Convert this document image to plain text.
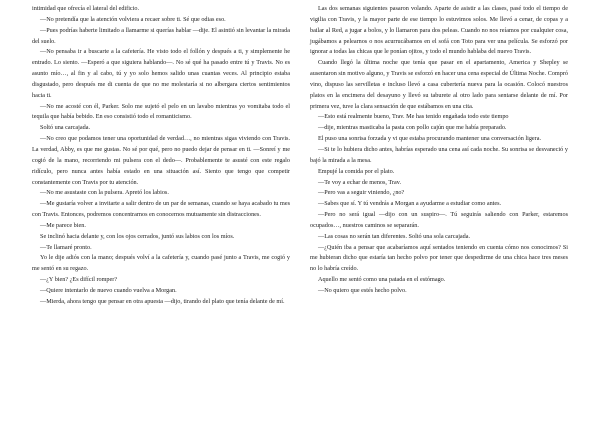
intimidad que ofrecía el lateral del edificio.

—No pretendía que la atención volviera a recaer sobre ti. Sé que odias eso.

—Pues podrías haberte limitado a llamarme si querías hablar —dije. El asintió sin levantar la mirada del suelo.

—No pensaba ir a buscarte a la cafetería. He visto todo el follón y después a ti, y simplemente he entrado. Lo siento. —Esperó a que siguiera hablando—. No sé qué ha pasado entre tú y Travis. No es asunto mío…, al fin y al cabo, tú y yo solo hemos salido unas cuantas veces. Al principio estaba disgustado, pero después me di cuenta de que no me molestaría si no albergara ciertos sentimientos hacia ti.

—No me acosté con él, Parker. Solo me sujetó el pelo en un lavabo mientras yo vomitaba todo el tequila que había bebido. En eso consistió todo el romanticismo.

Soltó una carcajada.

—No creo que podamos tener una oportunidad de verdad…, no mientras sigas viviendo con Travis. La verdad, Abby, es que me gustas. No sé por qué, pero no puedo dejar de pensar en ti. —Sonreí y me cogió de la mano, recorriendo mi pulsera con el dedo—. Probablemente te asusté con este regalo ridículo, pero nunca antes había estado en una situación así. Siento que tengo que competir constantemente con Travis por tu atención.

—No me asustaste con la pulsera. Apretó los labios.

—Me gustaría volver a invitarte a salir dentro de un par de semanas, cuando se haya acabado tu mes con Travis. Entonces, podremos concentrarnos en conocernos mutuamente sin distracciones.

—Me parece bien.

Se inclinó hacia delante y, con los ojos cerrados, juntó sus labios con los míos.

—Te llamaré pronto.

Yo le dije adiós con la mano; después volví a la cafetería y, cuando pasé junto a Travis, me cogió y me sentó en su regazo.

—¿Y bien? ¿Es difícil romper?

—Quiere intentarlo de nuevo cuando vuelva a Morgan.

—Mierda, ahora tengo que pensar en otra apuesta —dijo, tirando del plato que tenía delante de mí.

Las dos semanas siguientes pasaron volando. Aparte de asistir a las clases, pasé todo el tiempo de vigilia con Travis, y la mayor parte de ese tiempo lo estuvimos solos. Me llevó a cenar, de copas y a bailar al Red, a jugar a bolos, y lo llamaron para dos peleas. Cuando no nos reíamos por cualquier cosa, jugábamos a pelearnos o nos acurrucábamos en el sofá con Toto para ver una película. Se esforzó por ignorar a todas las chicas que le ponían ojitos, y todo el mundo hablaba del nuevo Travis.

Cuando llegó la última noche que tenía que pasar en el apartamento, America y Shepley se ausentaron sin motivo alguno, y Travis se esforzó en hacer una cena especial de Última Noche. Compró vino, dispuso las servilletas e incluso llevó a casa cubertería nueva para la ocasión. Colocó nuestros platos en la encimera del desayuno y llevó su taburete al otro lado para sentarse delante de mí. Por primera vez, tuve la clara sensación de que estábamos en una cita.

—Esto está realmente bueno, Trav. Me has tenido engañada todo este tiempo

—dije, mientras masticaba la pasta con pollo cajún que me había preparado.

El puso una sonrisa forzada y vi que estaba procurando mantener una conversación ligera.

—Si te lo hubiera dicho antes, habrías esperado una cena así cada noche. Su sonrisa se desvaneció y bajó la mirada a la mesa.

Empujé la comida por el plato.

—Te voy a echar de menos, Trav.

—Pero vas a seguir viniendo, ¿no?

—Sabes que sí. Y tú vendrás a Morgan a ayudarme a estudiar como antes.

—Pero no será igual —dijo con un suspiro—. Tú seguirás saliendo con Parker, estaremos ocupados…, nuestros caminos se separarán.

—Las cosas no serán tan diferentes. Soltó una sola carcajada.

—¿Quién iba a pensar que acabaríamos aquí sentados teniendo en cuenta cómo nos conocimos? Si me hubieran dicho que estaría tan hecho polvo por tener que despedirme de una chica hace tres meses no lo habría creído.

Aquello me sentó como una patada en el estómago.

—No quiero que estés hecho polvo.
